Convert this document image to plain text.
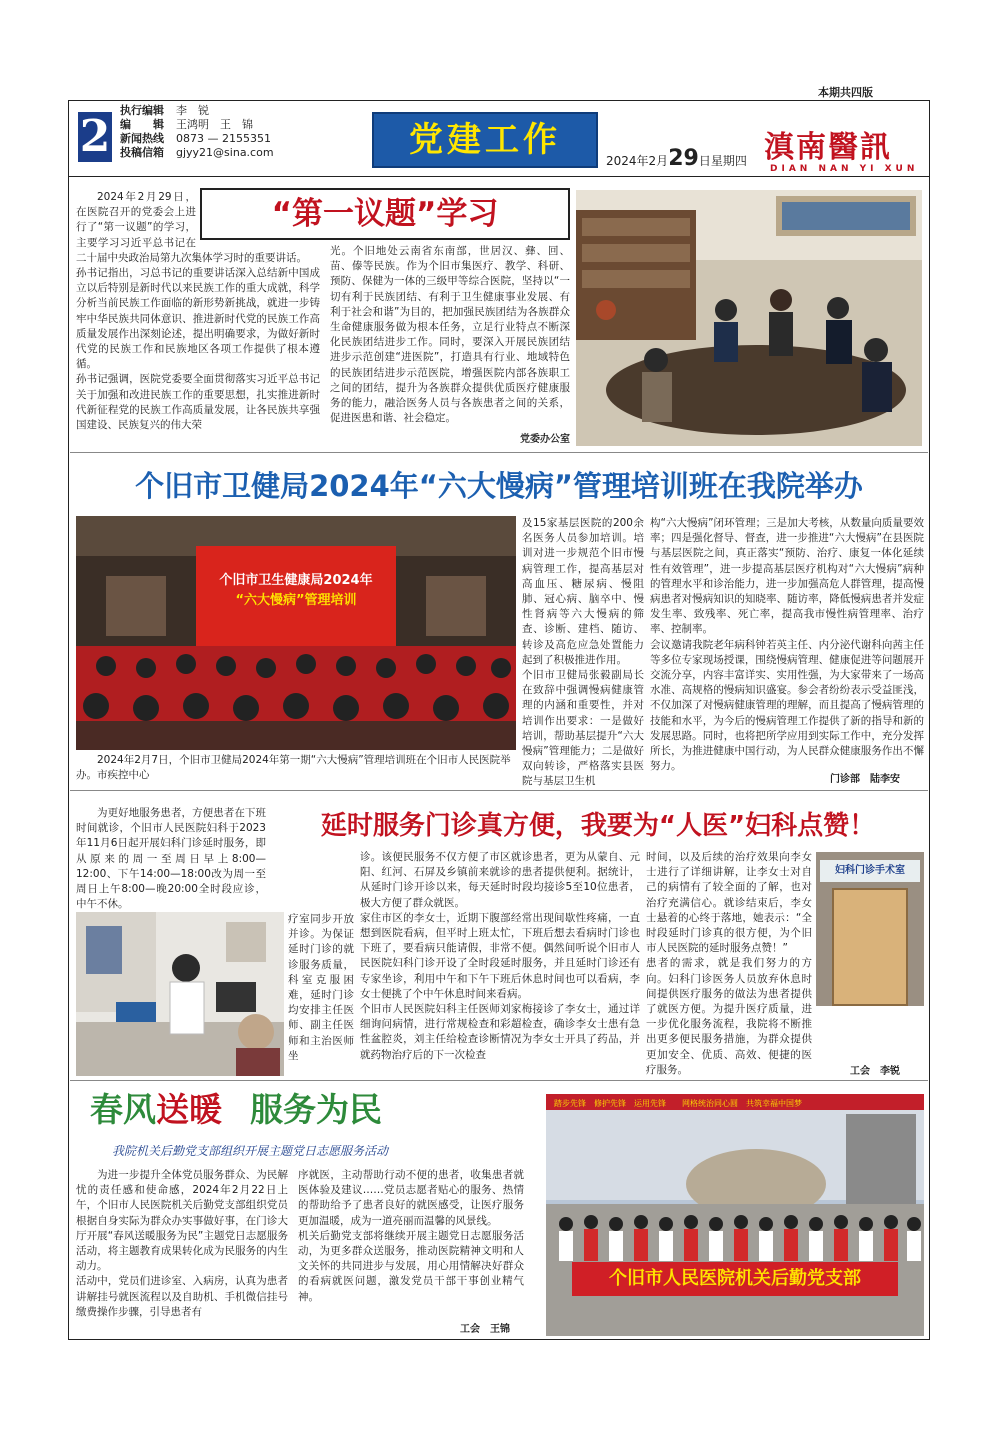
本期共四版
2
执行编辑 李　锐
编　　辑 王鸿明　王　锦
新闻热线 0873 — 2155351
投稿信箱 gjyy21@sina.com	党建工作
2024年2月29日星期四 滇南醫訊
DIAN NAN YI XUN
“第一议题”学习
2024年2月29日，在医院召开的党委会上进行了“第一议题”的学习，主要学习习近平总书记在二十届中央政治局第九次集体学习时的重要讲话。
孙书记指出，习总书记的重要讲话深入总结新中国成立以后特别是新时代以来民族工作的重大成就，科学分析当前民族工作面临的新形势新挑战，就进一步铸牢中华民族共同体意识、推进新时代党的民族工作高质量发展作出深刻论述，提出明确要求，为做好新时代党的民族工作和民族地区各项工作提供了根本遵循。
孙书记强调，医院党委要全面贯彻落实习近平总书记关于加强和改进民族工作的重要思想，扎实推进新时代新征程党的民族工作高质量发展，让各民族共享强国建设、民族复兴的伟大荣
光。个旧地处云南省东南部，世居汉、彝、回、苗、傣等民族。作为个旧市集医疗、教学、科研、预防、保健为一体的三级甲等综合医院，坚持以“一切有利于民族团结、有利于卫生健康事业发展、有利于社会和谐”为目的，把加强民族团结为各族群众生命健康服务做为根本任务，立足行业特点不断深化民族团结进步工作。同时，要深入开展民族团结进步示范创建“进医院”，打造具有行业、地域特色的民族团结进步示范医院，增强医院内部各族职工之间的团结，提升为各族群众提供优质医疗健康服务的能力，融洽医务人员与各族患者之间的关系，促进医患和谐、社会稳定。
党委办公室
个旧市卫健局2024年“六大慢病”管理培训班在我院举办
个旧市卫生健康局2024年
“六大慢病”管理培训
2024年2月7日，个旧市卫健局2024年第一期“六大慢病”管理培训班在个旧市人民医院举办。市疾控中心
及15家基层医院的200余名医务人员参加培训。培训对进一步规范个旧市慢病管理工作，提高基层对高血压、糖尿病、慢阻肺、冠心病、脑卒中、慢性肾病等六大慢病的筛查、诊断、建档、随访、转诊及高危应急处置能力起到了积极推进作用。
个旧市卫健局张毅副局长在致辞中强调慢病健康管理的内涵和重要性，并对培训作出要求：一是做好培训，帮助基层提升“六大慢病”管理能力；二是做好双向转诊，严格落实县医院与基层卫生机
构“六大慢病”闭环管理；三是加大考核，从数量向质量要效率；四是强化督导、督查，进一步推进“六大慢病”在县医院与基层医院之间，真正落实“预防、治疗、康复一体化延续性有效管理”，进一步提高基层医疗机构对“六大慢病”病种的管理水平和诊治能力，进一步加强高危人群管理，提高慢病患者对慢病知识的知晓率、随访率，降低慢病患者并发症发生率、致残率、死亡率，提高我市慢性病管理率、治疗率、控制率。
会议邀请我院老年病科钟若英主任、内分泌代谢科向茜主任等多位专家现场授课，围绕慢病管理、健康促进等问题展开交流分享，内容丰富详实、实用性强，为大家带来了一场高水准、高规格的慢病知识盛宴。参会者纷纷表示受益匪浅，不仅加深了对慢病健康管理的理解，而且提高了慢病管理的技能和水平，为今后的慢病管理工作提供了新的指导和新的发展思路。同时，也将把所学应用到实际工作中，充分发挥所长，为推进健康中国行动，为人民群众健康服务作出不懈努力。
门诊部　陆李安
延时服务门诊真方便，我要为“人医”妇科点赞！
为更好地服务患者，方便患者在下班时间就诊，个旧市人民医院妇科于2023年11月6日起开展妇科门诊延时服务，即从原来的周一至周日早上8:00—12:00、下午14:00—18:00改为周一至周日上午8:00—晚20:00全时段应诊，中午不休。

疗室同步开放并诊。为保证延时门诊的就诊服务质量，科室克服困难，延时门诊均安排主任医师、副主任医师和主治医师坐
诊。该便民服务不仅方便了市区就诊患者，更为从蒙自、元阳、红河、石屏及乡镇前来就诊的患者提供便利。据统计，从延时门诊开诊以来，每天延时时段均接诊5至10位患者，极大方便了群众就医。
家住市区的李女士，近期下腹部经常出现间歇性疼痛，一直想到医院看病，但平时上班太忙，下班后想去看病时门诊也下班了，要看病只能请假，非常不便。偶然间听说个旧市人民医院妇科门诊开设了全时段延时服务，并且延时门诊还有专家坐诊，利用中午和下午下班后休息时间也可以看病，李女士便挑了个中午休息时间来看病。
个旧市人民医院妇科主任医师刘家梅接诊了李女士，通过详细询问病情，进行常规检查和彩超检查，确诊李女士患有急性盆腔炎，刘主任给检查诊断情况为李女士开具了药品，并就药物治疗后的下一次检查
时间，以及后续的治疗效果向李女士进行了详细讲解，让李女士对自己的病情有了较全面的了解，也对治疗充满信心。就诊结束后，李女士悬着的心终于落地，她表示：“全时段延时门诊真的很方便，为个旧市人民医院的延时服务点赞！”
患者的需求，就是我们努力的方向。妇科门诊医务人员放弃休息时间提供医疗服务的做法为患者提供了就医方便。为提升医疗质量，进一步优化服务流程，我院将不断推出更多便民服务措施，为群众提供更加安全、优质、高效、便捷的医疗服务。
妇科门诊手术室
工会　李锐
春风送暖 服务为民
我院机关后勤党支部组织开展主题党日志愿服务活动
为进一步提升全体党员服务群众、为民解忧的责任感和使命感，2024年2月22日上午，个旧市人民医院机关后勤党支部组织党员根据自身实际为群众办实事做好事，在门诊大厅开展“春风送暖服务为民”主题党日志愿服务活动，将主题教育成果转化成为民服务的内生动力。
活动中，党员们进诊室、入病房，认真为患者讲解挂号就医流程以及自助机、手机微信挂号缴费操作步骤，引导患者有
序就医，主动帮助行动不便的患者，收集患者就医体验及建议……党员志愿者贴心的服务、热情的帮助给予了患者良好的就医感受，让医疗服务更加温暖，成为一道亮丽而温馨的风景线。
机关后勤党支部将继续开展主题党日志愿服务活动，为更多群众送服务，推动医院精神文明和人文关怀的共同进步与发展，用心用情解决好群众的看病就医问题，激发党员干部干事创业精气神。
工会　王锦
踏步先锋　修护先锋　运用先锋　　网格统治同心圆　共筑幸福中国梦
个旧市人民医院机关后勤党支部
